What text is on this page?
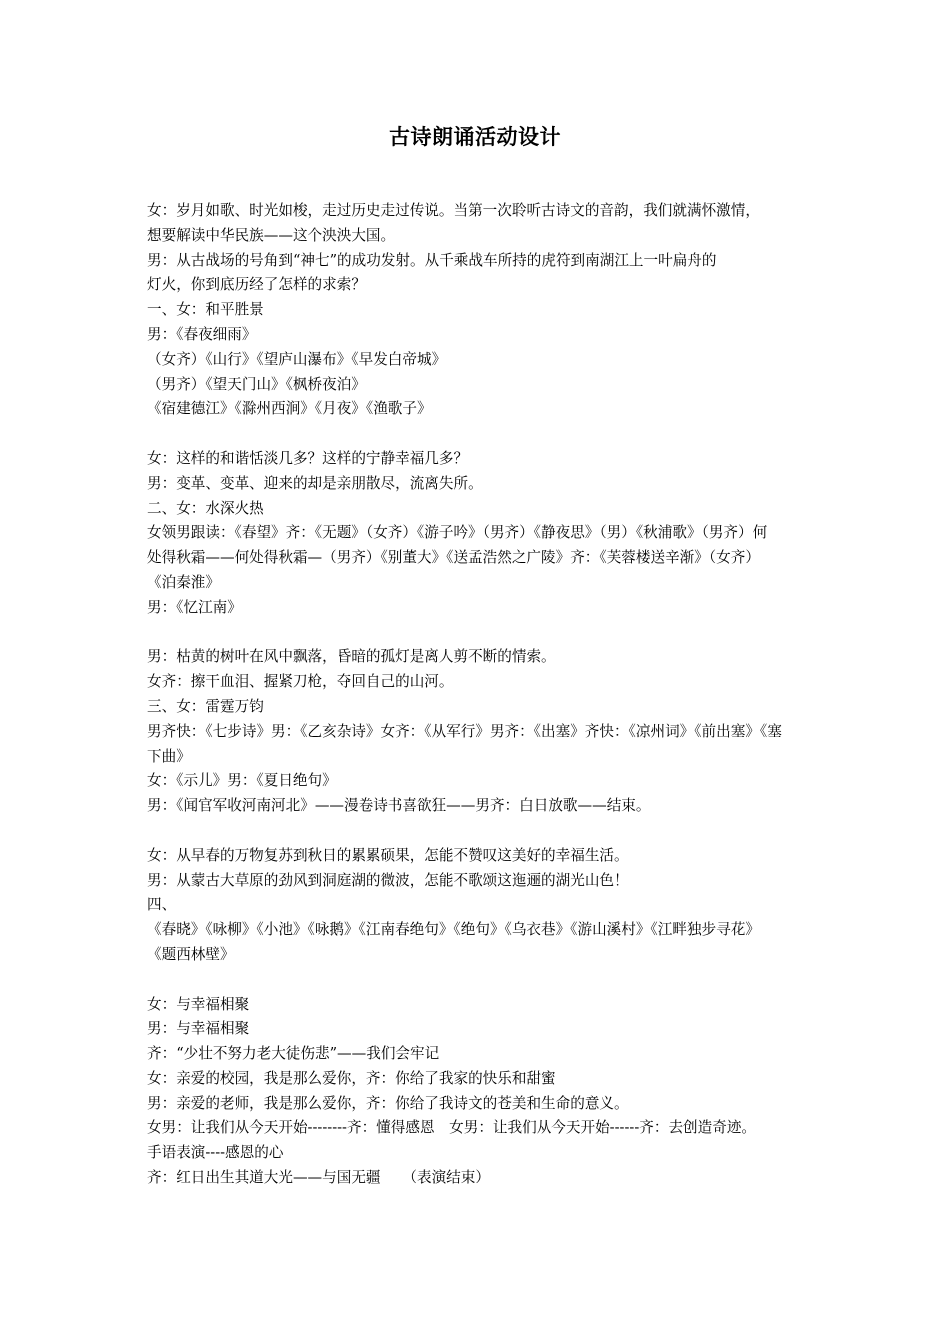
古诗朗诵活动设计
女：岁月如歌、时光如梭，走过历史走过传说。当第一次聆听古诗文的音韵，我们就满怀激情，
想要解读中华民族——这个泱泱大国。
男：从古战场的号角到“神七”的成功发射。从千乘战车所持的虎符到南湖江上一叶扁舟的
灯火，你到底历经了怎样的求索？
一、女：和平胜景
男：《春夜细雨》
（女齐）《山行》《望庐山瀑布》《早发白帝城》
（男齐）《望天门山》《枫桥夜泊》
《宿建德江》《滁州西涧》《月夜》《渔歌子》
女：这样的和谐恬淡几多？这样的宁静幸福几多？
男：变革、变革、迎来的却是亲朋散尽，流离失所。
二、女：水深火热
女领男跟读：《春望》齐：《无题》（女齐）《游子吟》（男齐）《静夜思》（男）《秋浦歌》（男齐）何
处得秋霜——何处得秋霜—（男齐）《别董大》《送孟浩然之广陵》齐：《芙蓉楼送辛渐》（女齐）
《泊秦淮》
男：《忆江南》
男：枯黄的树叶在风中飘落，昏暗的孤灯是离人剪不断的情索。
女齐：擦干血泪、握紧刀枪，夺回自己的山河。
三、女：雷霆万钧
男齐快：《七步诗》男：《乙亥杂诗》女齐：《从军行》男齐：《出塞》齐快：《凉州词》《前出塞》《塞
下曲》
女：《示儿》男：《夏日绝句》
男：《闻官军收河南河北》——漫卷诗书喜欲狂——男齐：白日放歌——结束。
女：从早春的万物复苏到秋日的累累硕果，怎能不赞叹这美好的幸福生活。
男：从蒙古大草原的劲风到洞庭湖的微波，怎能不歌颂这迤逦的湖光山色！
四、
《春晓》《咏柳》《小池》《咏鹅》《江南春绝句》《绝句》《乌衣巷》《游山溪村》《江畔独步寻花》
《题西林壁》
女：与幸福相聚
男：与幸福相聚
齐：“少壮不努力老大徒伤悲”——我们会牢记
女：亲爱的校园，我是那么爱你，齐：你给了我家的快乐和甜蜜
男：亲爱的老师，我是那么爱你，齐：你给了我诗文的苍美和生命的意义。
女男：让我们从今天开始--------齐：懂得感恩　女男：让我们从今天开始------齐：去创造奇迹。
手语表演----感恩的心
齐：红日出生其道大光——与国无疆　　（表演结束）
